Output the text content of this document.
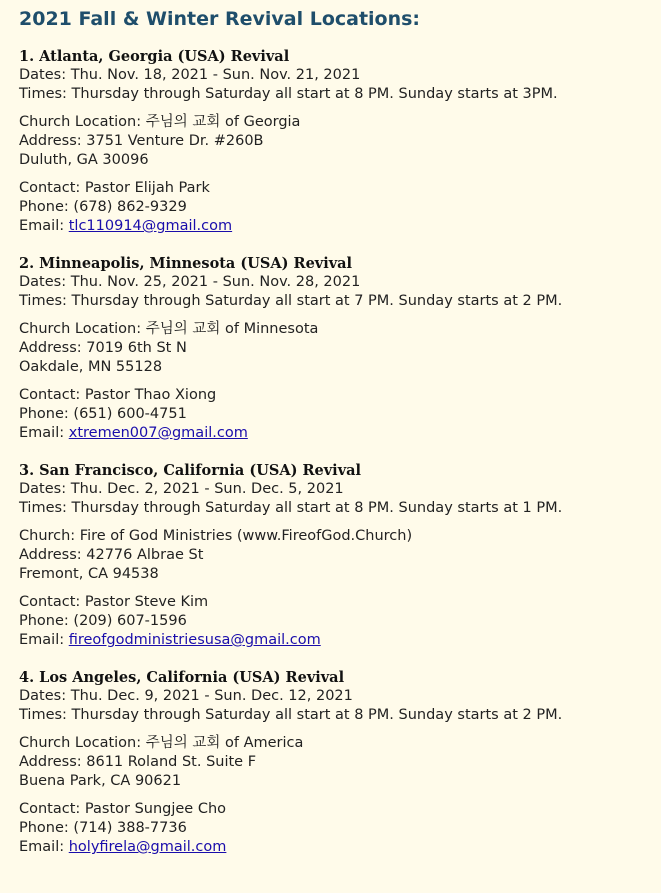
2021 Fall & Winter Revival Locations:
1. Atlanta, Georgia (USA) Revival
Dates: Thu. Nov. 18, 2021 - Sun. Nov. 21, 2021
Times: Thursday through Saturday all start at 8 PM. Sunday starts at 3PM.
Church Location: 주님의 교회 of Georgia
Address: 3751 Venture Dr. #260B
Duluth, GA 30096
Contact: Pastor Elijah Park
Phone: (678) 862-9329
Email: tlc110914@gmail.com
2. Minneapolis, Minnesota (USA) Revival
Dates: Thu. Nov. 25, 2021 - Sun. Nov. 28, 2021
Times: Thursday through Saturday all start at 7 PM. Sunday starts at 2 PM.
Church Location: 주님의 교회 of Minnesota
Address: 7019 6th St N
Oakdale, MN 55128
Contact: Pastor Thao Xiong
Phone: (651) 600-4751
Email: xtremen007@gmail.com
3. San Francisco, California (USA) Revival
Dates: Thu. Dec. 2, 2021 - Sun. Dec. 5, 2021
Times: Thursday through Saturday all start at 8 PM. Sunday starts at 1 PM.
Church: Fire of God Ministries (www.FireofGod.Church)
Address: 42776 Albrae St
Fremont, CA 94538
Contact: Pastor Steve Kim
Phone: (209) 607-1596
Email: fireofgodministriesusa@gmail.com
4. Los Angeles, California (USA) Revival
Dates: Thu. Dec. 9, 2021 - Sun. Dec. 12, 2021
Times: Thursday through Saturday all start at 8 PM. Sunday starts at 2 PM.
Church Location: 주님의 교회 of America
Address: 8611 Roland St. Suite F
Buena Park, CA 90621
Contact: Pastor Sungjee Cho
Phone: (714) 388-7736
Email: holyfirela@gmail.com
